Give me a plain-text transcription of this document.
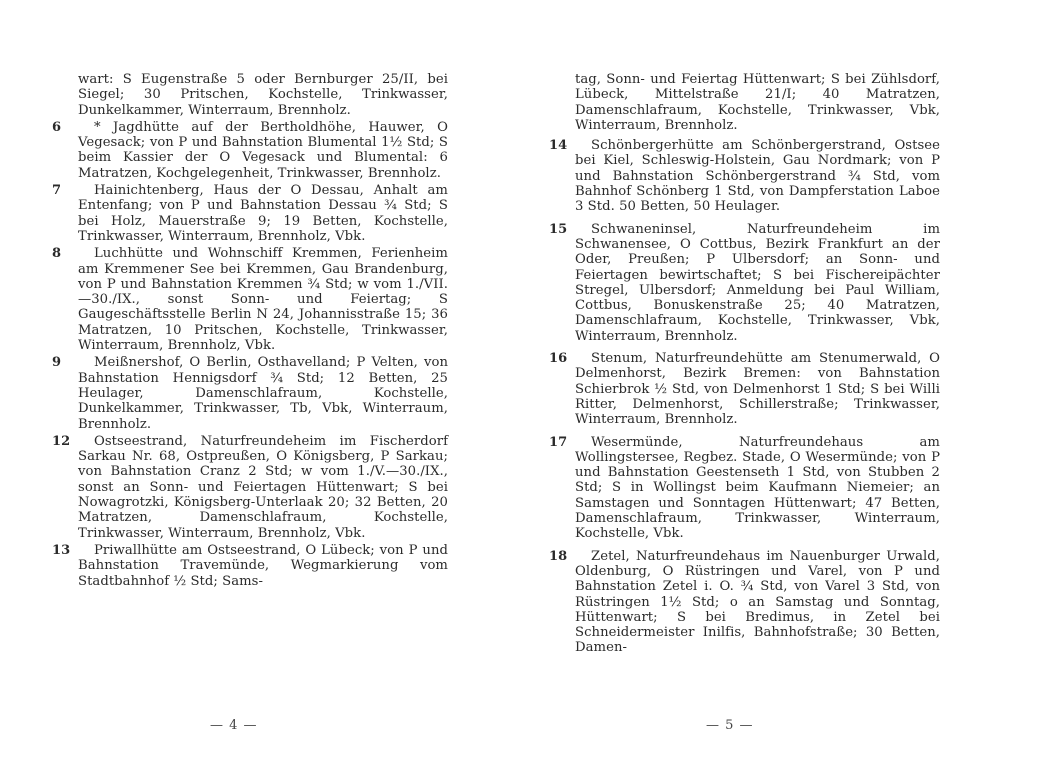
wart: S Eugenstraße 5 oder Bernburger 25/II, bei Siegel; 30 Pritschen, Kochstelle, Trinkwasser, Dunkelkammer, Winterraum, Brennholz.
6	* Jagdhütte auf der Bertholdhöhe, Hauwer, O Vegesack; von P und Bahnstation Blumental 1½ Std; S beim Kassier der O Vegesack und Blumental: 6 Matratzen, Kochgelegenheit, Trinkwasser, Brennholz.
7	Hainichtenberg, Haus der O Dessau, Anhalt am Entenfang; von P und Bahnstation Dessau ¾ Std; S bei Holz, Mauerstraße 9; 19 Betten, Kochstelle, Trinkwasser, Winterraum, Brennholz, Vbk.
8	Luchhütte und Wohnschiff Kremmen, Ferienheim am Kremmener See bei Kremmen, Gau Brandenburg, von P und Bahnstation Kremmen ¾ Std; w vom 1./VII.—30./IX., sonst Sonn- und Feiertag; S Gaugeschäftsstelle Berlin N 24, Johannisstraße 15; 36 Matratzen, 10 Pritschen, Kochstelle, Trinkwasser, Winterraum, Brennholz, Vbk.
9	Meißnershof, O Berlin, Osthavelland; P Velten, von Bahnstation Hennigsdorf ¾ Std; 12 Betten, 25 Heulager, Damenschlafraum, Kochstelle, Dunkelkammer, Trinkwasser, Tb, Vbk, Winterraum, Brennholz.
12	Ostseestrand, Naturfreundeheim im Fischerdorf Sarkau Nr. 68, Ostpreußen, O Königsberg, P Sarkau; von Bahnstation Cranz 2 Std; w vom 1./V.—30./IX., sonst an Sonn- und Feiertagen Hüttenwart; S bei Nowagrotzki, Königsberg-Unterlaak 20; 32 Betten, 20 Matratzen, Damenschlafraum, Kochstelle, Trinkwasser, Winterraum, Brennholz, Vbk.
13	Priwallhütte am Ostseestrand, O Lübeck; von P und Bahnstation Travemünde, Wegmarkierung vom Stadtbahnhof ½ Std; Sams-
tag, Sonn- und Feiertag Hüttenwart; S bei Zühlsdorf, Lübeck, Mittelstraße 21/I; 40 Matratzen, Damenschlafraum, Kochstelle, Trinkwasser, Vbk, Winterraum, Brennholz.
14	Schönbergerhütte am Schönbergerstrand, Ostsee bei Kiel, Schleswig-Holstein, Gau Nordmark; von P und Bahnstation Schönbergerstrand ¾ Std, vom Bahnhof Schönberg 1 Std, von Dampferstation Laboe 3 Std. 50 Betten, 50 Heulager.
15	Schwaneninsel, Naturfreundeheim im Schwanensee, O Cottbus, Bezirk Frankfurt an der Oder, Preußen; P Ulbersdorf; an Sonn- und Feiertagen bewirtschaftet; S bei Fischereipächter Stregel, Ulbersdorf; Anmeldung bei Paul William, Cottbus, Bonuskenstraße 25; 40 Matratzen, Damenschlafraum, Kochstelle, Trinkwasser, Vbk, Winterraum, Brennholz.
16	Stenum, Naturfreundehütte am Stenumerwald, O Delmenhorst, Bezirk Bremen: von Bahnstation Schierbrok ½ Std, von Delmenhorst 1 Std; S bei Willi Ritter, Delmenhorst, Schillerstraße; Trinkwasser, Winterraum, Brennholz.
17	Wesermünde, Naturfreundehaus am Wollingstersee, Regbez. Stade, O Wesermünde; von P und Bahnstation Geestenseth 1 Std, von Stubben 2 Std; S in Wollingst beim Kaufmann Niemeier; an Samstagen und Sonntagen Hüttenwart; 47 Betten, Damenschlafraum, Trinkwasser, Winterraum, Kochstelle, Vbk.
18	Zetel, Naturfreundehaus im Nauenburger Urwald, Oldenburg, O Rüstringen und Varel, von P und Bahnstation Zetel i. O. ¾ Std, von Varel 3 Std, von Rüstringen 1½ Std; o an Samstag und Sonntag, Hüttenwart; S bei Bredimus, in Zetel bei Schneidermeister Inilfis, Bahnhofstraße; 30 Betten, Damen-
— 4 —	— 5 —
